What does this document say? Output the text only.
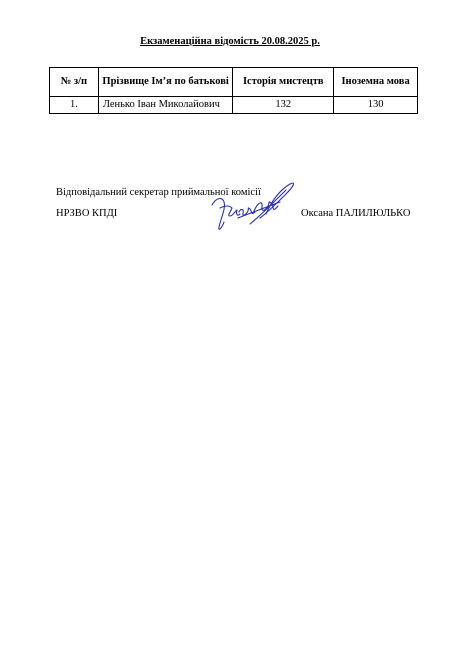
Екзаменаційна відомість 20.08.2025 р.
№ з/п	Прізвище Ім’я по батькові	Історія мистецтв	Іноземна мова
1.	Ленько Іван Миколайович	132	130
Відповідальний секретар приймальної комісії
НРЗВО КПДІ	Оксана ПАЛИЛЮЛЬКО
